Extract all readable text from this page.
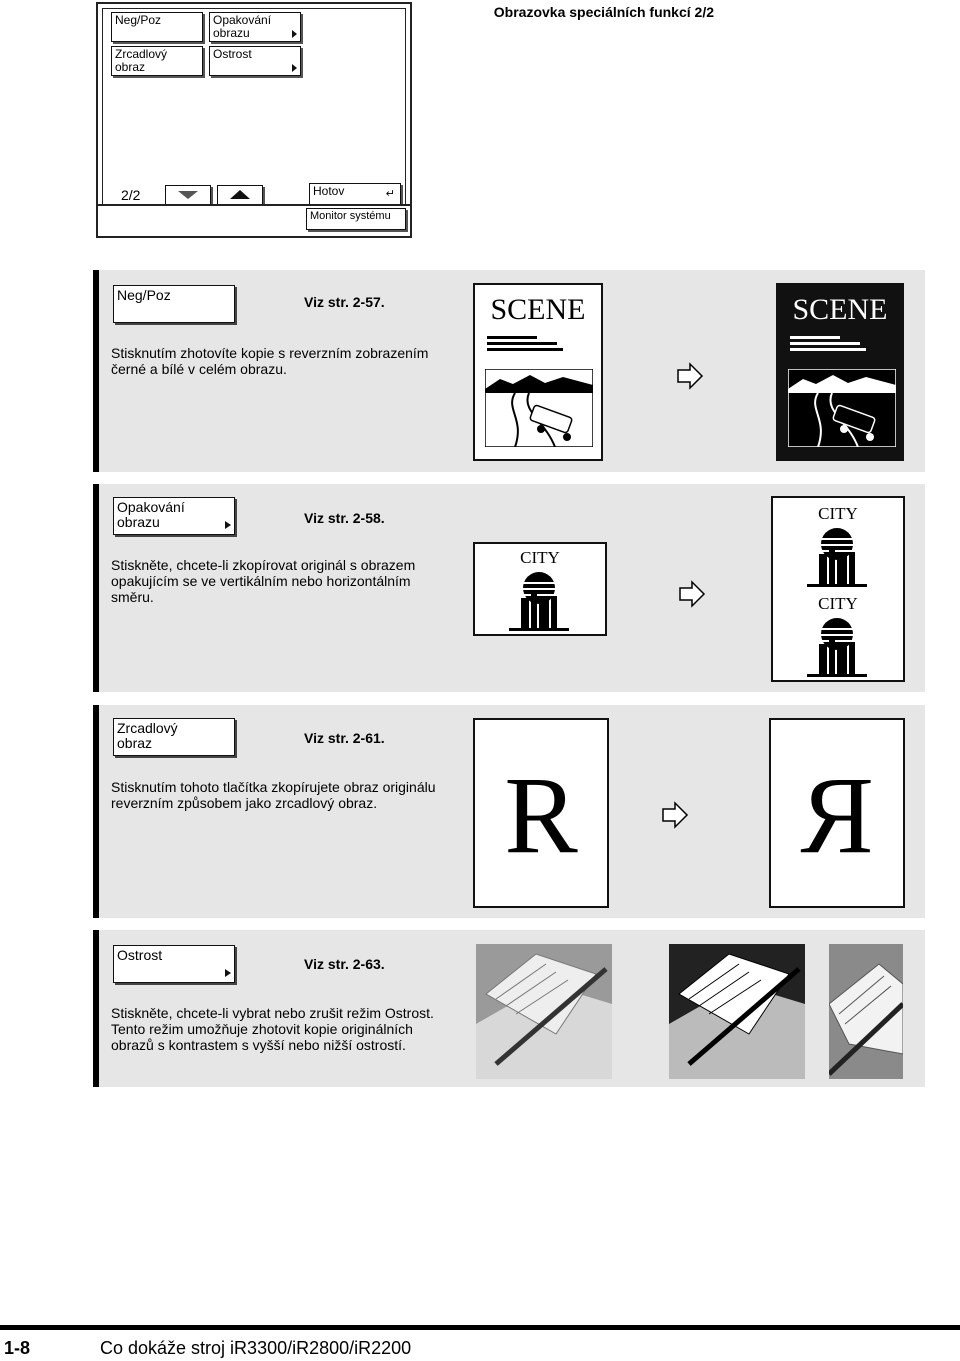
Obrazovka speciálních funkcí 2/2
Neg/Poz	Opakování
obrazu
Zrcadlový
obraz
Ostrost
2/2	Hotov	↵
Monitor systému
Neg/Poz	Viz str. 2-57.
Stisknutím zhotovíte kopie s reverzním zobrazením černé a bílé v celém obrazu.
SCENE	SCENE
Opakování
obrazu	Viz str. 2-58.
Stiskněte, chcete-li zkopírovat originál s obrazem opakujícím se ve vertikálním nebo horizontálním směru.
CITY
CITY
CITY
Zrcadlový
obraz	Viz str. 2-61.
Stisknutím tohoto tlačítka zkopírujete obraz originálu reverzním způsobem jako zrcadlový obraz.	R Я
Ostrost
Viz str. 2-63.
Stiskněte, chcete-li vybrat nebo zrušit režim Ostrost. Tento režim umožňuje zhotovit kopie originálních obrazů s kontrastem s vyšší nebo nižší ostrostí.
1-8	Co dokáže stroj iR3300/iR2800/iR2200
